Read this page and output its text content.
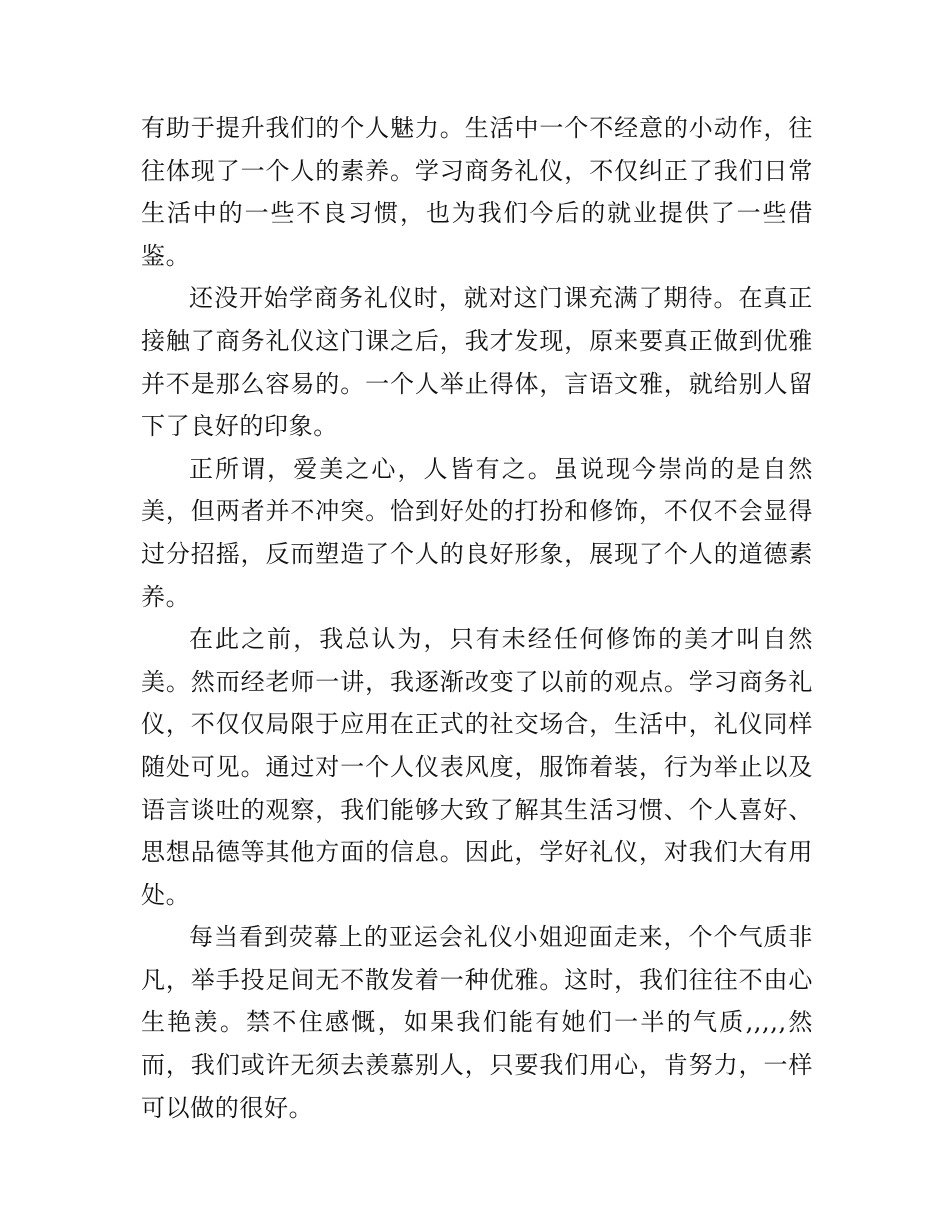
有助于提升我们的个人魅力。生活中一个不经意的小动作，往往体现了一个人的素养。学习商务礼仪，不仅纠正了我们日常生活中的一些不良习惯，也为我们今后的就业提供了一些借鉴。

还没开始学商务礼仪时，就对这门课充满了期待。在真正接触了商务礼仪这门课之后，我才发现，原来要真正做到优雅并不是那么容易的。一个人举止得体，言语文雅，就给别人留下了良好的印象。

正所谓，爱美之心，人皆有之。虽说现今崇尚的是自然美，但两者并不冲突。恰到好处的打扮和修饰，不仅不会显得过分招摇，反而塑造了个人的良好形象，展现了个人的道德素养。

在此之前，我总认为，只有未经任何修饰的美才叫自然美。然而经老师一讲，我逐渐改变了以前的观点。学习商务礼仪，不仅仅局限于应用在正式的社交场合，生活中，礼仪同样随处可见。通过对一个人仪表风度，服饰着装，行为举止以及语言谈吐的观察，我们能够大致了解其生活习惯、个人喜好、思想品德等其他方面的信息。因此，学好礼仪，对我们大有用处。

每当看到荧幕上的亚运会礼仪小姐迎面走来，个个气质非凡，举手投足间无不散发着一种优雅。这时，我们往往不由心生艳羡。禁不住感慨，如果我们能有她们一半的气质,,,,,然而，我们或许无须去羡慕别人，只要我们用心，肯努力，一样可以做的很好。
